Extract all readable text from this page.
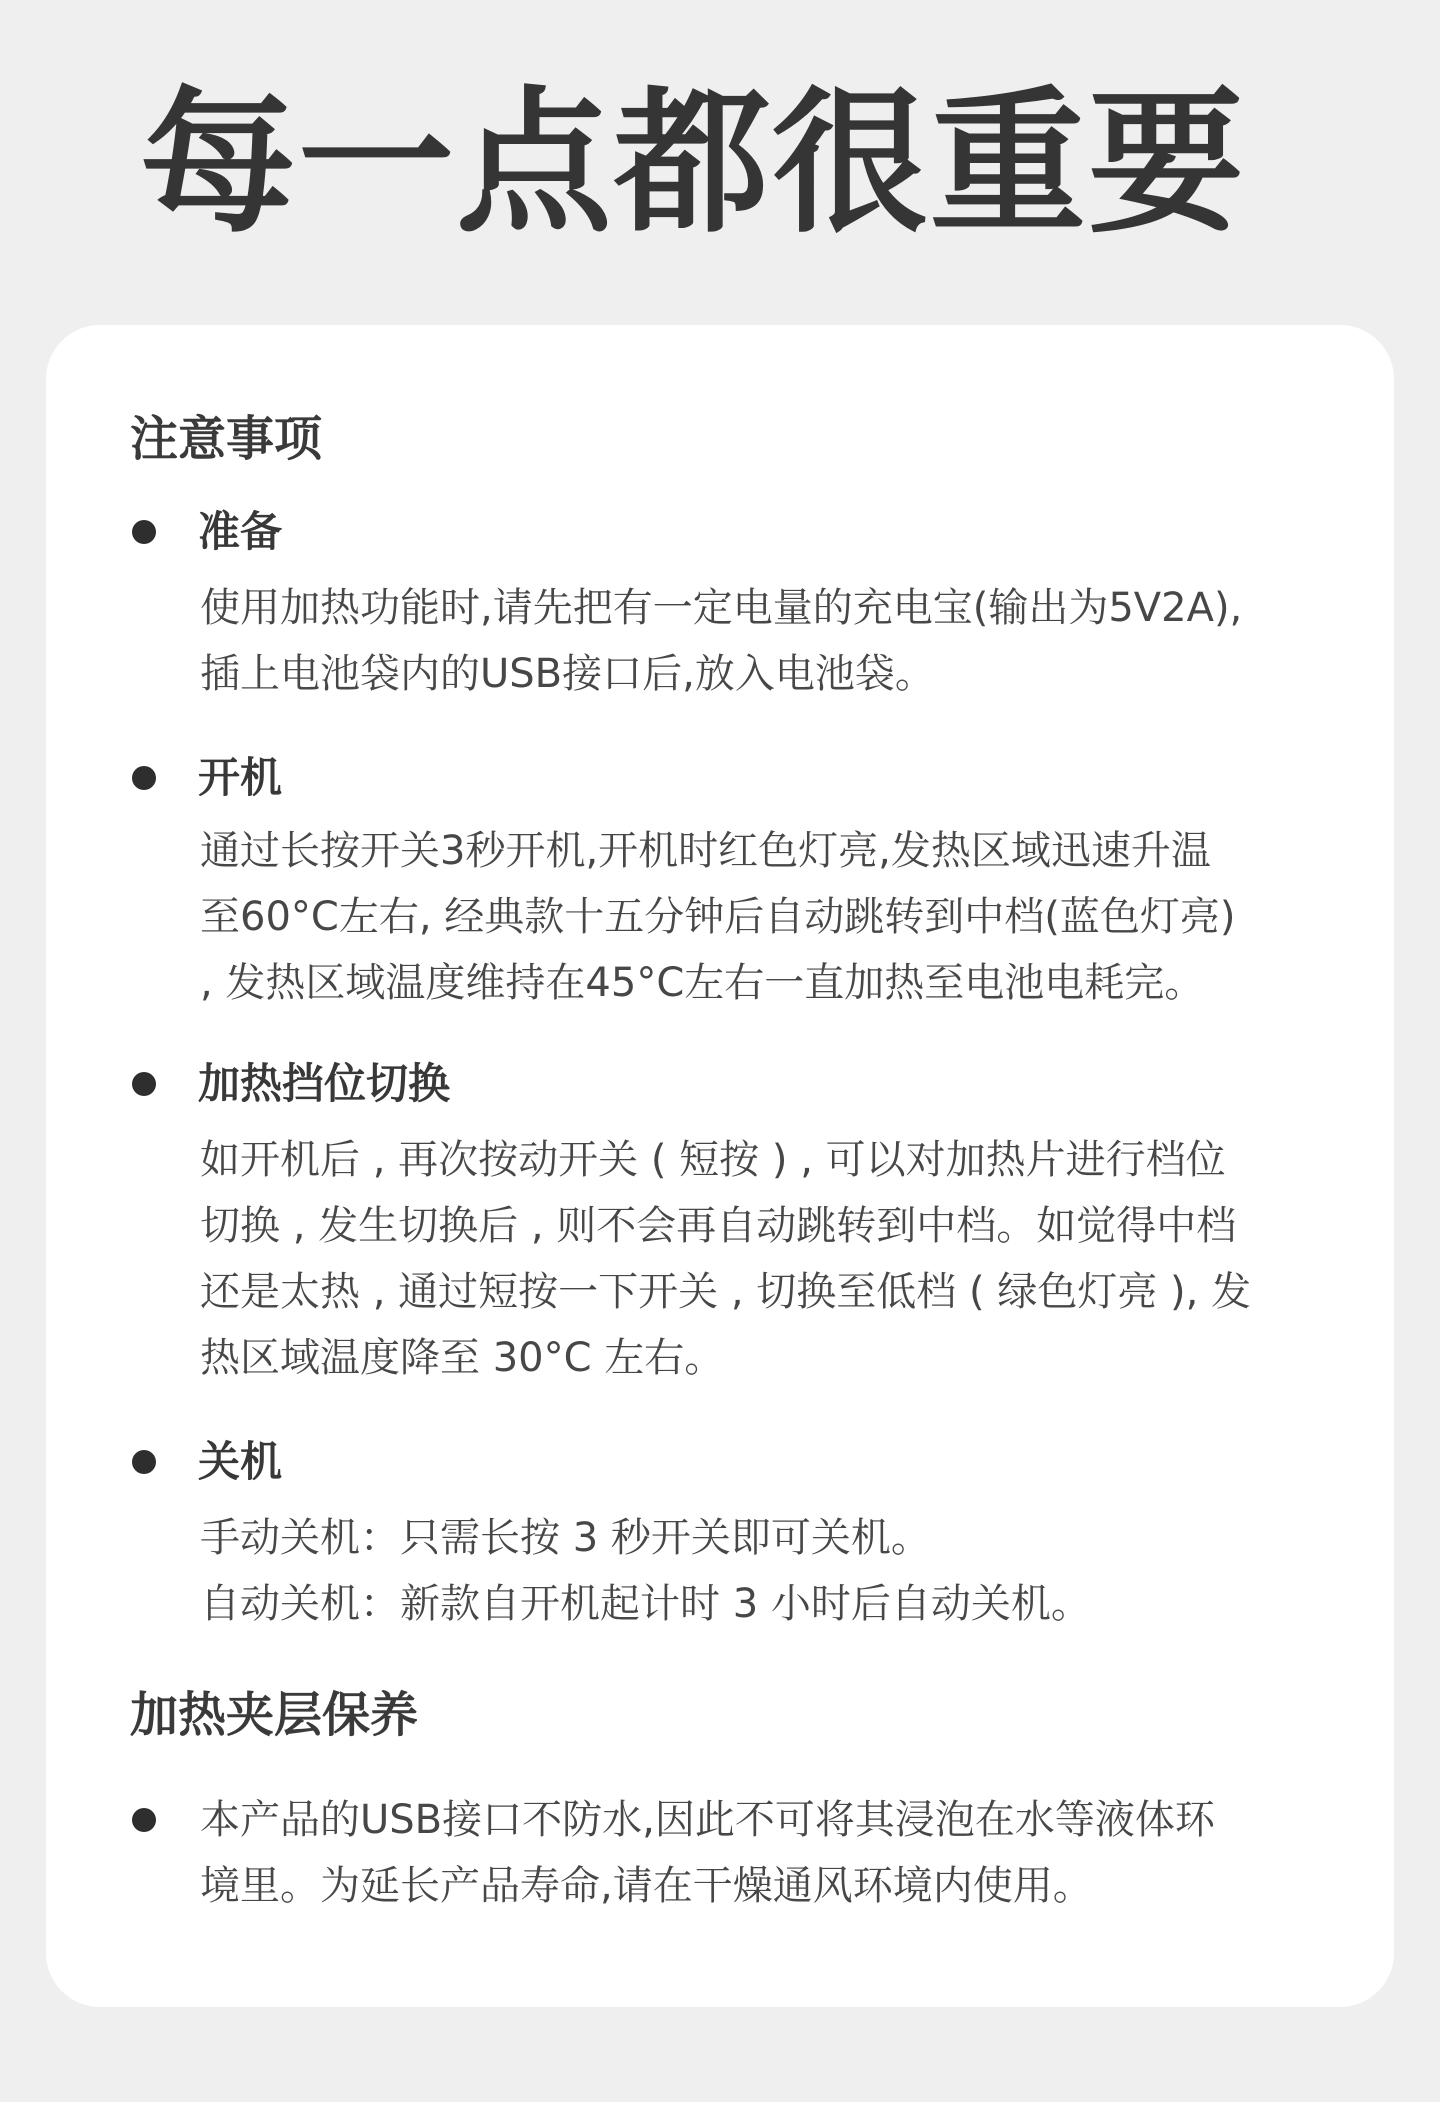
每一点都很重要
注意事项
准备
使用加热功能时,请先把有一定电量的充电宝(输出为5V2A),
插上电池袋内的USB接口后,放入电池袋。
开机
通过长按开关3秒开机,开机时红色灯亮,发热区域迅速升温
至60°C左右, 经典款十五分钟后自动跳转到中档(蓝色灯亮)
, 发热区域温度维持在45°C左右一直加热至电池电耗完。
加热挡位切换
如开机后 , 再次按动开关 ( 短按 ) , 可以对加热片进行档位
切换 , 发生切换后 , 则不会再自动跳转到中档。如觉得中档
还是太热 , 通过短按一下开关 , 切换至低档 ( 绿色灯亮 ), 发
热区域温度降至 30°C 左右。
关机
手动关机：只需长按 3 秒开关即可关机。
自动关机：新款自开机起计时 3 小时后自动关机。
加热夹层保养
本产品的USB接口不防水,因此不可将其浸泡在水等液体环
境里。为延长产品寿命,请在干燥通风环境内使用。
